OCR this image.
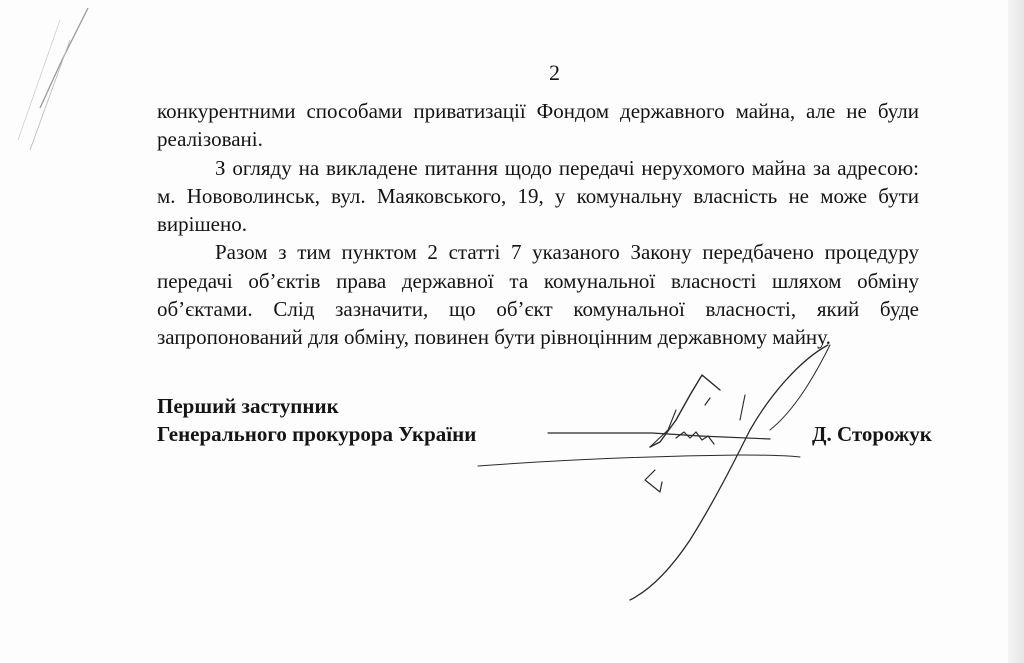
2

конкурентними способами приватизації Фондом державного майна, але не були реалізовані.

З огляду на викладене питання щодо передачі нерухомого майна за адресою: м. Нововолинськ, вул. Маяковського, 19, у комунальну власність не може бути вирішено.

Разом з тим пунктом 2 статті 7 указаного Закону передбачено процедуру передачі об’єктів права державної та комунальної власності шляхом обміну об’єктами. Слід зазначити, що об’єкт комунальної власності, який буде запропонований для обміну, повинен бути рівноцінним державному майну.

Перший заступник
Генерального прокурора України	Д. Сторожук
